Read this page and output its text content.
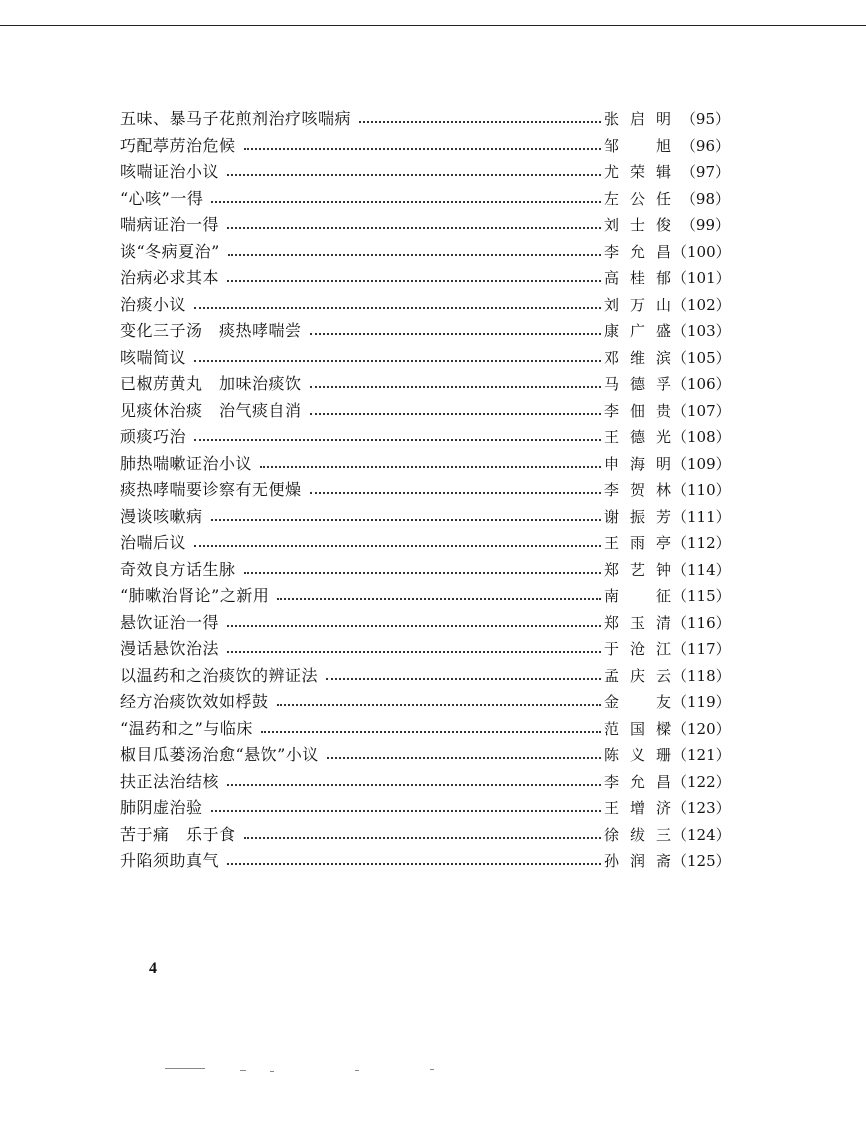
五味、暴马子花煎剂治疗咳喘病	张启明 （95）
巧配葶苈治危候	邹旭 （96）
咳喘证治小议	尤荣辑 （97）
“心咳”一得	左公任 （98）
喘病证治一得	刘士俊 （99）
谈“冬病夏治”	李允昌 （100）
治病必求其本	高桂郁 （101）
治痰小议	刘万山 （102）
变化三子汤　痰热哮喘尝	康广盛 （103）
咳喘简议	邓维滨 （105）
已椒苈黄丸　加味治痰饮	马德孚 （106）
见痰休治痰　治气痰自消	李佃贵 （107）
顽痰巧治	王德光 （108）
肺热喘嗽证治小议	申海明 （109）
痰热哮喘要诊察有无便燥	李贺林 （110）
漫谈咳嗽病	谢振芳 （111）
治喘后议	王雨亭 （112）
奇效良方话生脉	郑艺钟 （114）
“肺嗽治肾论”之新用	南征 （115）
悬饮证治一得	郑玉清 （116）
漫话悬饮治法	于沧江 （117）
以温药和之治痰饮的辨证法	孟庆云 （118）
经方治痰饮效如桴鼓	金友 （119）
“温药和之”与临床	范国樑 （120）
椒目瓜蒌汤治愈“悬饮”小议	陈义珊 （121）
扶正法治结核	李允昌 （122）
肺阴虚治验	王增济 （123）
苦于痛　乐于食	徐绂三 （124）
升陷须助真气	孙润斋 （125）
4
